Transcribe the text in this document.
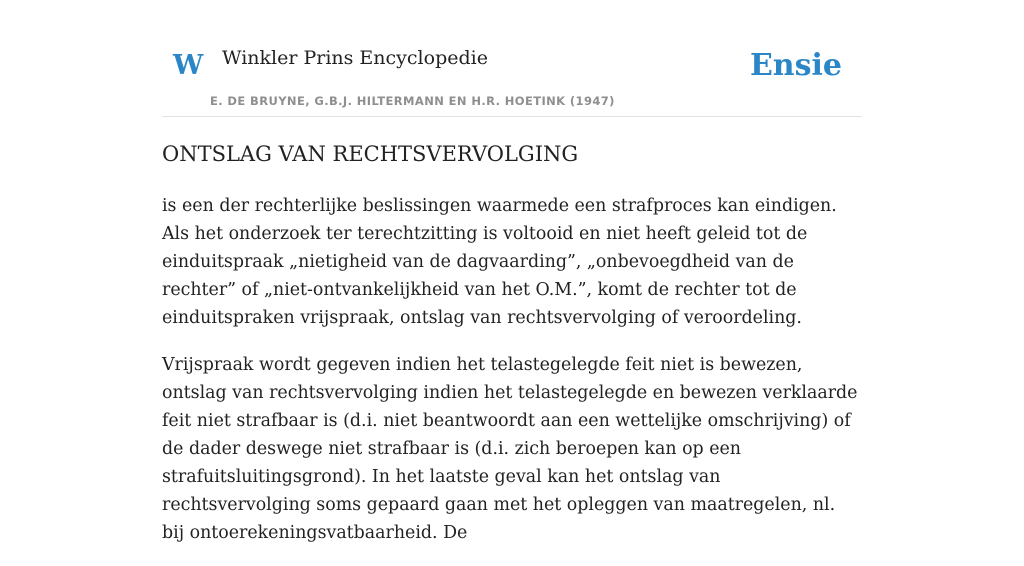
W Winkler Prins Encyclopedie
E. DE BRUYNE, G.B.J. HILTERMANN EN H.R. HOETINK (1947)
Ensie
ONTSLAG VAN RECHTSVERVOLGING

is een der rechterlijke beslissingen waarmede een strafproces kan eindigen. Als het onderzoek ter terechtzitting is voltooid en niet heeft geleid tot de einduitspraak „nietigheid van de dagvaarding”, „onbevoegdheid van de rechter” of „niet-ontvankelijkheid van het O.M.”, komt de rechter tot de einduitspraken vrijspraak, ontslag van rechtsvervolging of veroordeling.

Vrijspraak wordt gegeven indien het telastegelegde feit niet is bewezen, ontslag van rechtsvervolging indien het telastegelegde en bewezen verklaarde feit niet strafbaar is (d.i. niet beantwoordt aan een wettelijke omschrijving) of de dader deswege niet strafbaar is (d.i. zich beroepen kan op een strafuitsluitingsgrond). In het laatste geval kan het ontslag van rechtsvervolging soms gepaard gaan met het opleggen van maatregelen, nl. bij ontoerekeningsvatbaarheid. De
